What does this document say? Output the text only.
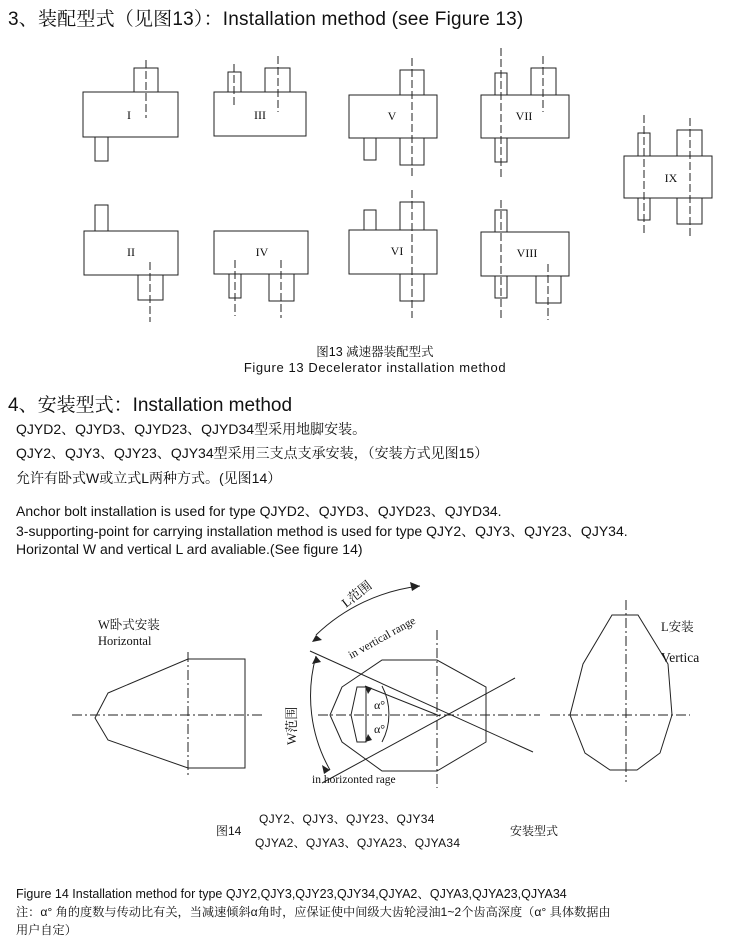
3、装配型式（见图13）：Installation method (see Figure 13)
I	III	V	VII
II	IV	VI	VIII
IX
图13 减速器装配型式
Figure 13 Decelerator installation method
4、安装型式：Installation method
QJYD2、QJYD3、QJYD23、QJYD34型采用地脚安装。
QJY2、QJY3、QJY23、QJY34型采用三支点支承安装，（安装方式见图15）
允许有卧式W或立式L两种方式。(见图14）
Anchor bolt installation is used for type QJYD2、QJYD3、QJYD23、QJYD34.
3-supporting-point for carrying installation method is used for type QJY2、QJY3、QJY23、QJY34.
Horizontal W and vertical L ard avaliable.(See figure 14)
W卧式安装
Horizontal
L范围
in vertical range
W范围
α°
α°
in horizonted rage
L安装
Vertica
图14
QJY2、QJY3、QJY23、QJY34
QJYA2、QJYA3、QJYA23、QJYA34
安装型式
Figure 14 Installation method for type QJY2,QJY3,QJY23,QJY34,QJYA2、QJYA3,QJYA23,QJYA34
注：α° 角的度数与传动比有关，当减速倾斜α角时，应保证使中间级大齿轮浸油1~2个齿高深度（α° 具体数据由
用户自定）
